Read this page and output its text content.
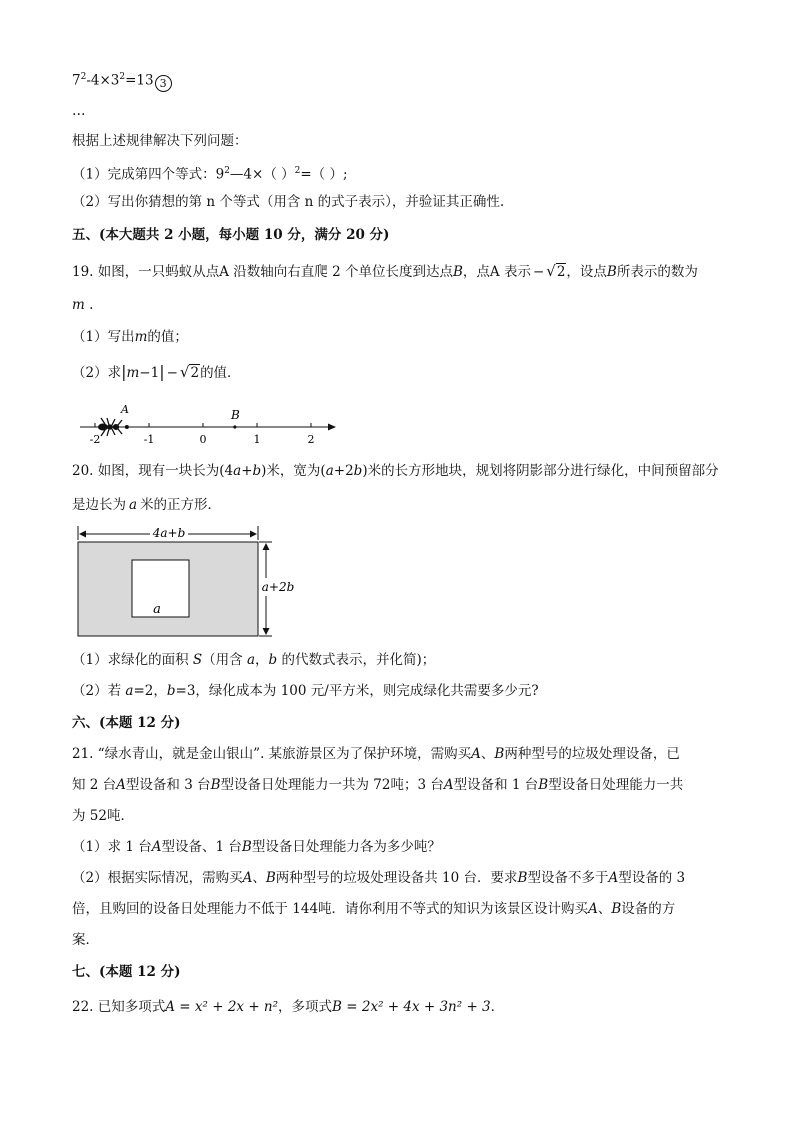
$7^2-4\times 3^2=13$ 3
…
根据上述规律解决下列问题：
（1）完成第四个等式：$9^2—4\times$（ ）$^2$=（ ）;
（2）写出你猜想的第 n 个等式（用含 n 的式子表示），并验证其正确性.
五、(本大题共 2 小题，每小题 10 分，满分 20 分)
19. 如图，一只蚂蚁从点A 沿数轴向右直爬 2 个单位长度到达点B，点A 表示 − √2，设点B所表示的数为
m .
（1）写出m的值；
（2）求|m−1| − √2的值．
-2	-1	0	1	2
A	B
20. 如图，现有一块长为(4a+b)米，宽为(a+2b)米的长方形地块，规划将阴影部分进行绿化，中间预留部分
是边长为 a 米的正方形．
4a+b
a
a+2b
（1）求绿化的面积 S（用含 a，b 的代数式表示，并化简)；
（2）若 a=2，b=3，绿化成本为 100 元/平方米，则完成绿化共需要多少元?
六、(本题 12 分)
21. “绿水青山，就是金山银山”. 某旅游景区为了保护环境，需购买A、B两种型号的垃圾处理设备，已
知 2 台A型设备和 3 台B型设备日处理能力一共为 72吨；3 台A型设备和 1 台B型设备日处理能力一共
为 52吨．
（1）求 1 台A型设备、1 台B型设备日处理能力各为多少吨？
（2）根据实际情况，需购买A、B两种型号的垃圾处理设备共 10 台．要求B型设备不多于A型设备的 3
倍，且购回的设备日处理能力不低于 144吨．请你利用不等式的知识为该景区设计购买A、B设备的方
案．
七、(本题 12 分)
22. 已知多项式A = x² + 2x + n²，多项式B = 2x² + 4x + 3n² + 3．
